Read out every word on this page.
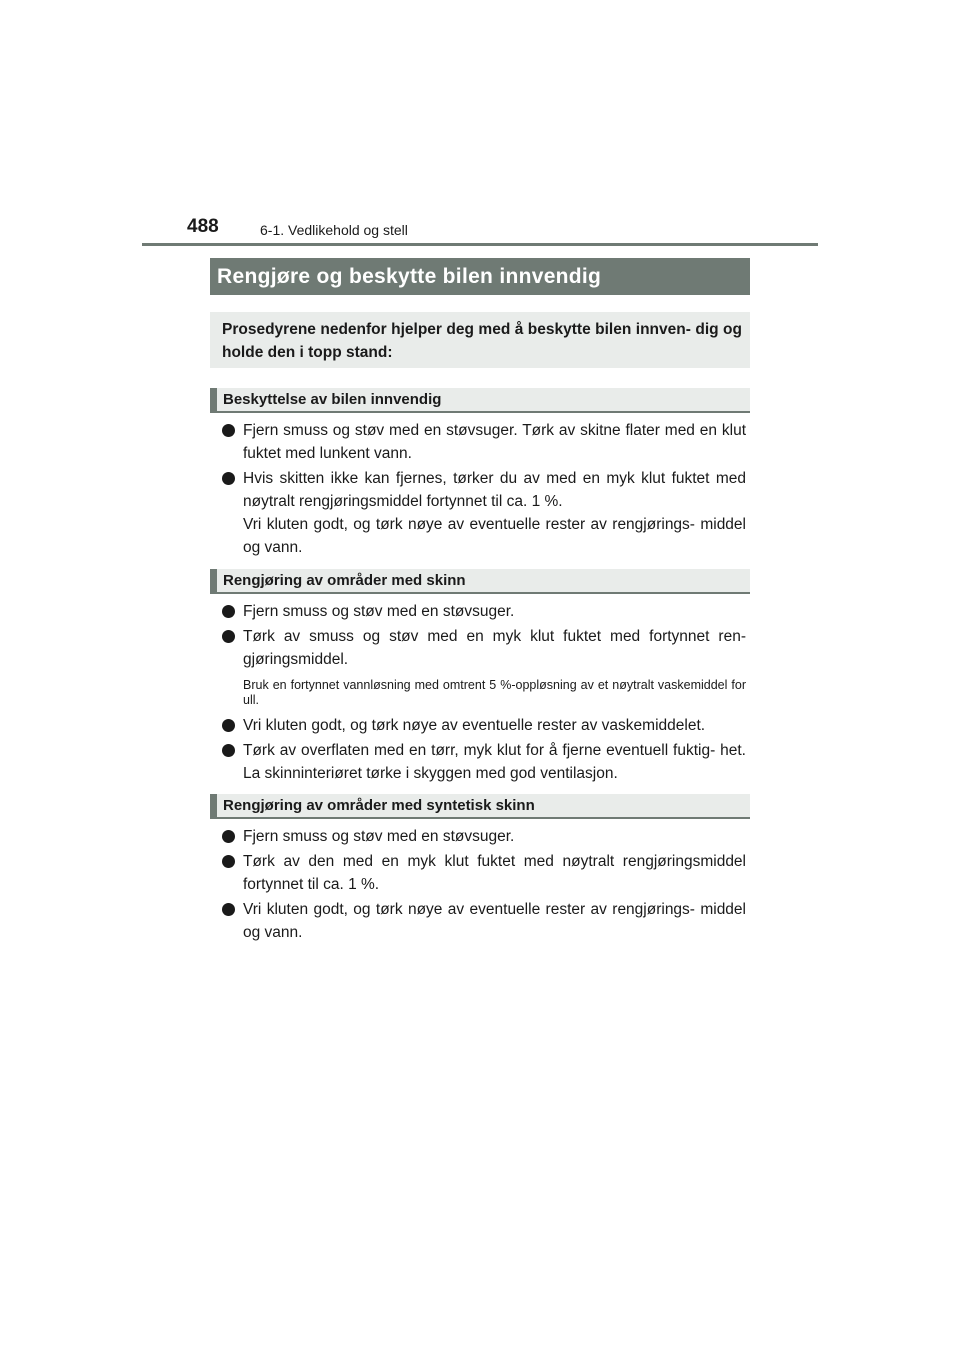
488	6-1. Vedlikehold og stell
Rengjøre og beskytte bilen innvendig
Prosedyrene nedenfor hjelper deg med å beskytte bilen innven- dig og holde den i topp stand:
Beskyttelse av bilen innvendig
Fjern smuss og støv med en støvsuger. Tørk av skitne flater med en klut fuktet med lunkent vann.
Hvis skitten ikke kan fjernes, tørker du av med en myk klut fuktet med nøytralt rengjøringsmiddel fortynnet til ca. 1 %.
Vri kluten godt, og tørk nøye av eventuelle rester av rengjørings- middel og vann.
Rengjøring av områder med skinn
Fjern smuss og støv med en støvsuger.
Tørk av smuss og støv med en myk klut fuktet med fortynnet ren- gjøringsmiddel.
Bruk en fortynnet vannløsning med omtrent 5 %-oppløsning av et nøytralt vaskemiddel for ull.
Vri kluten godt, og tørk nøye av eventuelle rester av vaskemiddelet.
Tørk av overflaten med en tørr, myk klut for å fjerne eventuell fuktig- het. La skinninteriøret tørke i skyggen med god ventilasjon.
Rengjøring av områder med syntetisk skinn
Fjern smuss og støv med en støvsuger.
Tørk av den med en myk klut fuktet med nøytralt rengjøringsmiddel fortynnet til ca. 1 %.
Vri kluten godt, og tørk nøye av eventuelle rester av rengjørings- middel og vann.
